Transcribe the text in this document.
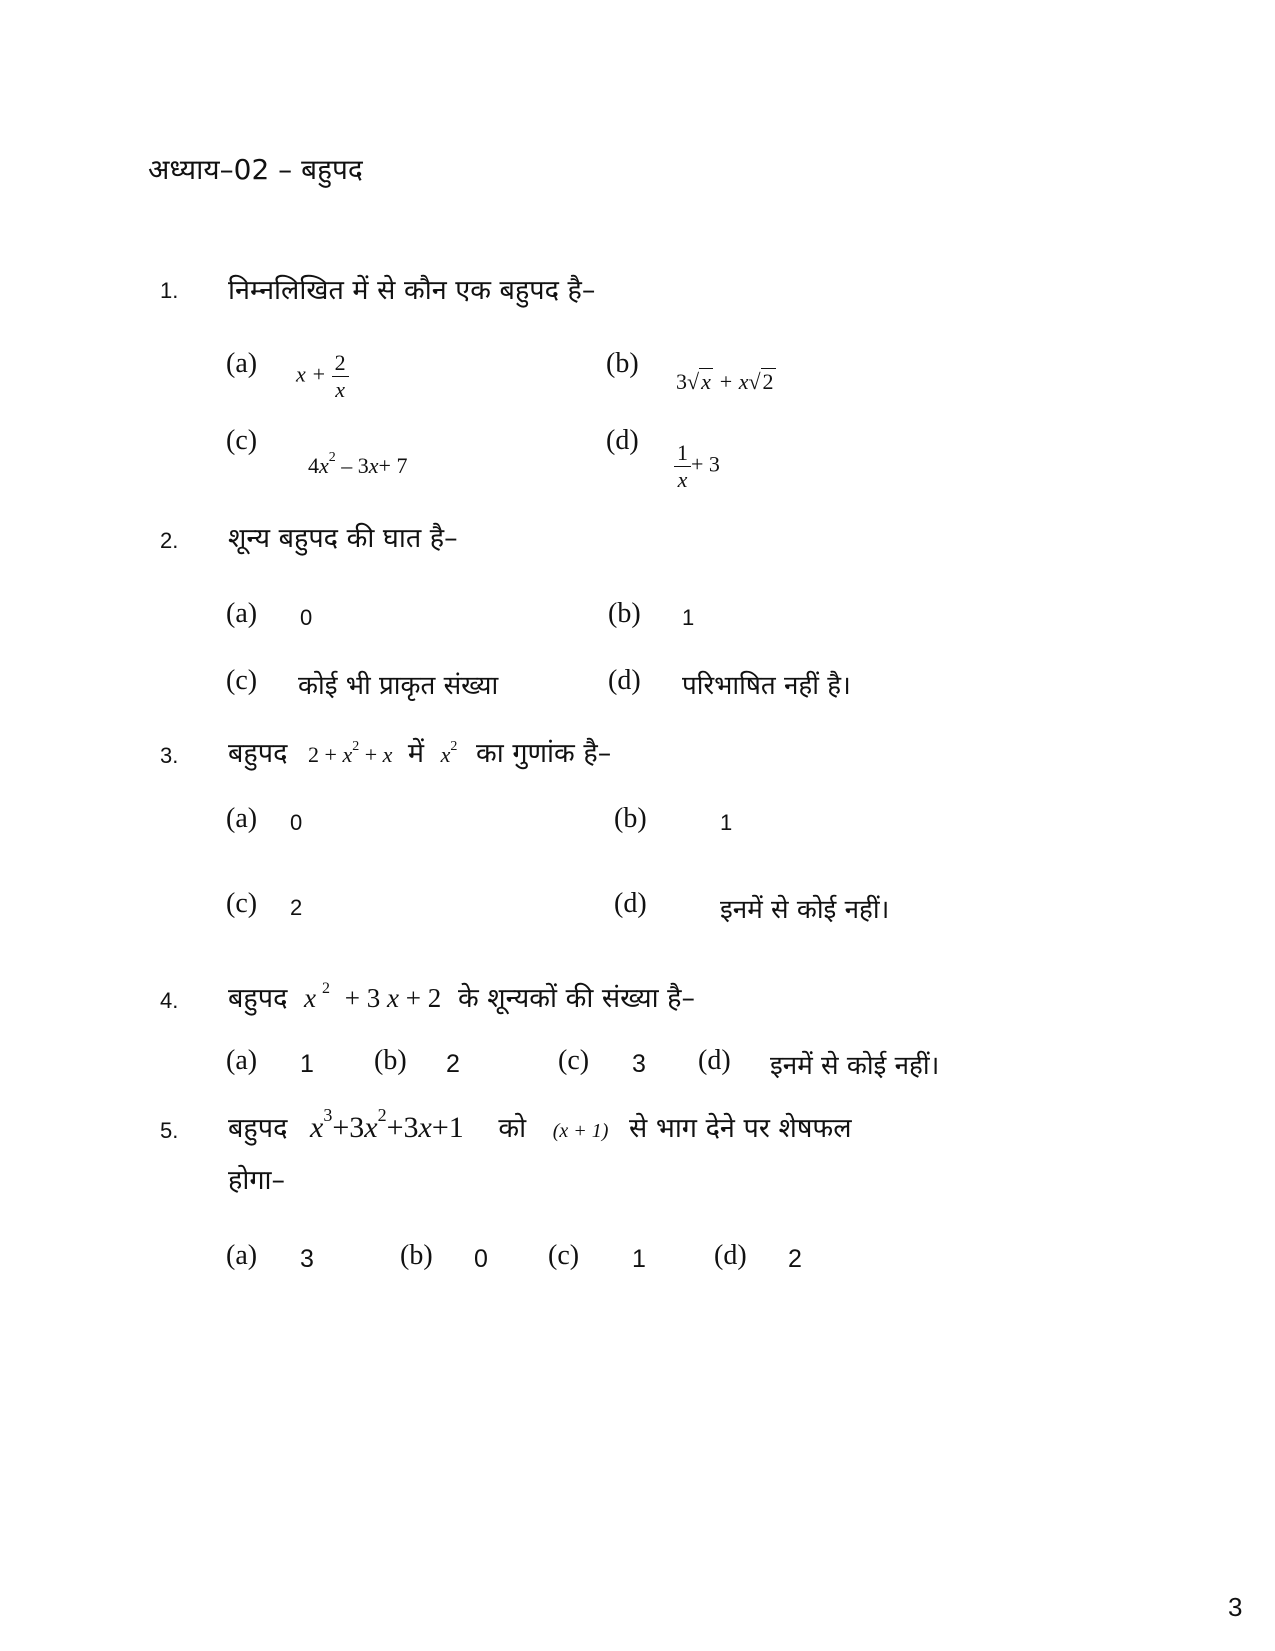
अध्याय–02 – बहुपद
1. निम्नलिखित में से कौन एक बहुपद है–
(a) $x + \frac{2}{x}$	(b)
3√x + x√2
(c)
$4x^2 - 3x+ 7$
$(d) \frac{1}{x} + 3$
2. शून्य बहुपद की घात है–
(a) 0	(b) 1
(c) कोई भी प्राकृत संख्या	(d) परिभाषित नहीं है।
3. बहुपद $2 + x^2 + x$ में $x^2$ का गुणांक है–
(a) 0	(b)	1
(c) 2	(d)	इनमें से कोई नहीं।
4. बहुपद x $^2$ + 3 x + 2 के शून्यकों की संख्या है–
(a) 1 (b) 2	(c) 3 (d) इनमें से कोई नहीं।
5. बहुपद $x^3+3x^2+3x+1$ को (x + 1) से भाग देने पर शेषफल
होगा–
(a) 3	(b) 0 (c) 1 (d) 2
3
